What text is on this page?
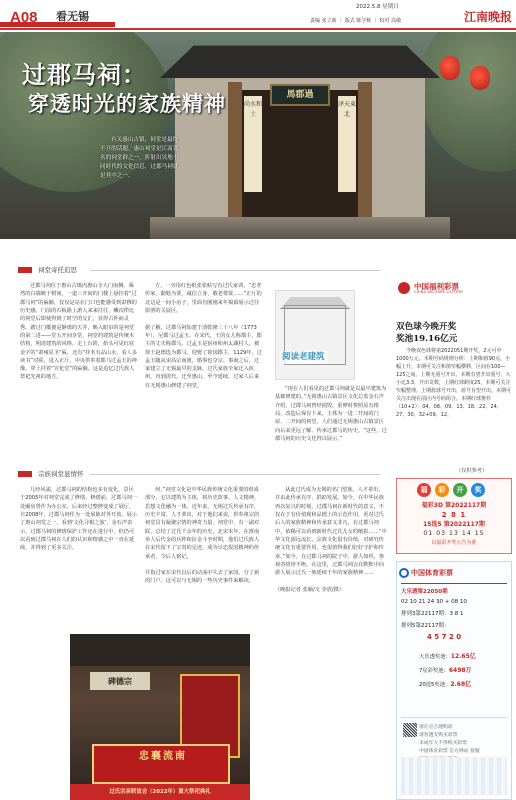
A08 看无锡
2022.5.8 星期日
责编 张立新 ｜ 版式 陈学栋 ｜ 校对 高敏	江南晚报
馬郡過
尚水和土
泽天東北
过郡马祠：
穿透时光的家族精神
有关惠山古镇，祠堂是最绕不开的话题。惠山祠堂是江南著名的祠堂群之一，折射出吴地不同时代的文化信息，过郡马祠就是其中之一。
祠堂寄托追思
过郡马祠位于惠山古镇内惠山寺大门南侧，蓦然的白墙映于树间，一道三开间的门楼上悬挂着“过郡马祠”的匾额，仅仅是站在门口也能感受到肃穆的历史感。门前的石板路上游人来来往往，鳞次栉比的祠堂后即使得到了时空的交汇，显得古朴而灵秀。踏过门槛便是静谧的天井，映入眼帘的是祠堂的第二进——堂五开间享堂，祠堂的建筑是传统木结构，明清建筑的风格。走上台阶，抬头可见红底金字的“肃雍显圣”匾，还有“挂名有品山水，看人多读书”对联，进入正厅，中央供奉着郡马过孟玉的神像，穿上挂着“宣化堂”的匾额。这是追忆过氏族人祭祀先祖的地方。
方，一旁用红色纸张张贴写有过氏家训，“忠孝传家，勤勉为要，诚信立身，敬老尊贤……”正厅的北边是一间小房子，里面有刚刚来年揭幕展示过往影照的关展区。

据了解，过郡马祠始建于清乾隆三十八年（1773年），尼郡马过孟玉。在宋代，王的女儿称郡主，郡主的丈夫称郡马。过孟玉是宿州和州太湖村人，被徐王赵德选为郡马，迎娶了徐国郡主。1129年，过孟玉随从宋高宗南渡，婚事也夺宗。事南之后，过家建立了无锡最早的支脉，过氏家族全家迁入杭州，直到清代，迁至惠山，至今延续。过家人后来在无锡惠山修建了祠堂。
阅读老建筑
“现在人们看见的过郡马祠就是以最早建筑为基础修建的。”无锡惠山古镇景区文化总监金石声介绍。过郡马祠曾经损毁，重修时参照原有格局，改造后保存下来，主体为一进二开间的门屋、二开间的祠堂。人们通过无锡惠山古镇景区向后来更远了解、传承过郡马的历史。“这些，过郡马祠的历史文化得以展示。”
宗族祠堂显情怀
几经风霜，过郡马祠的结构也多有变化，景区于2005年对祠堂完成了修缮。修缮前，过郡马祠一处厢房曾作为办公室，后来经过整修变成了展厅，自2008年，过郡马祠作为一处展陈对外开放，展示了惠山祠堂之一，看到‘文化寻根之旅’，金石声表示，过郡马祠的修缮保护工作还在进行中，但仍可以看到过郡马祠在人们的认识和情感之中一直在延续，并得到了更多关注。
何，”祠堂文化是中华民族传统文化重要的组成部分，它以建筑为主体，将历史故事、人文精神、思想文化融为一体。近年来，无锡过氏传承有序，历史丰富、人才辈出，对于他们来说，供奉祖宗的祠堂具有凝聚宗情的神奇力量。祠堂中，有一副对联，总结了过氏千余年的历史，北宋末年，在淮南举人后代金的兵阵和抗金斗争时期，他们过氏族人在宋代留下了宝贵的足迹，成为尽忠报国精神的传承者，令后人铭记。

并指过家在宋代以后的动荡中失去了家园，分了新的门户，这可以与无锡的一些历史事件来解读。
从此过氏成为无锡的名门望族。人才辈出，并由此传承有序，捐助发展。如今，在中华民族再次复兴的时刻，过郡马祠在新时代的意义，不仅在于有价值观和品德上的示范作用，更对过氏后人的家族精神和传承意义非凡，在过郡马祠中，依稀可以看到新时代过氏儿女的缩影……“中华文化源远流长，宗族文化很有价值，对研究传统文化有重要作用，也很值得我们好好守护和传承。”如今，在过郡马祠的院子中，游人如织，参观者络绎不绝。在这里，过郡马祠会在默默中向游人展示过氏一族延续千年的家族精神……

（晚报记者 张颖/文 李震/摄）
碑德宗
忠襄流南
过氏宗亲联谊会（2022年）重大祭祀典礼
中国福利彩票
CHINA WELFARE LOTTERY
双色球今晚开奖
奖池19.16亿元
今晚双色球将第2022051期开奖，2元可中1000万元。本期号码规则分析：上期和值90点，小幅上升，本期可关注和值窄幅横移，区间在100—125之间。上期无重号开出，本期有望开出重号，大小比3:3，开出奇数，上期红球跨度25，本期可关注窄幅整理。上期蓝球号开出，蓝号有望开出，本期可关注出现在前区内号码组合。本期红球推荐（10+2）：04、08、09、13、18、22、24、27、30、32+09、12。
（仅供参考）
福	彩	开	奖
福彩3D 第2022117期
2 8 1
15选5 第2022117期
01 03 13 14 15
以福彩开奖公告为准
中国体育彩票
大乐透第22050期
02 10 21 24 30 + 08 10
排列3第22117期：3 8 1
排列5第22117期：
4 5 7 2 0
大乐透奖池：12.65亿
7星彩奖池：6498万
20选5奖池：2.68亿
请在应合理购彩
请勿透支购买彩票
未成年人不得购买彩票
中国体育彩票 官方网站 客服
